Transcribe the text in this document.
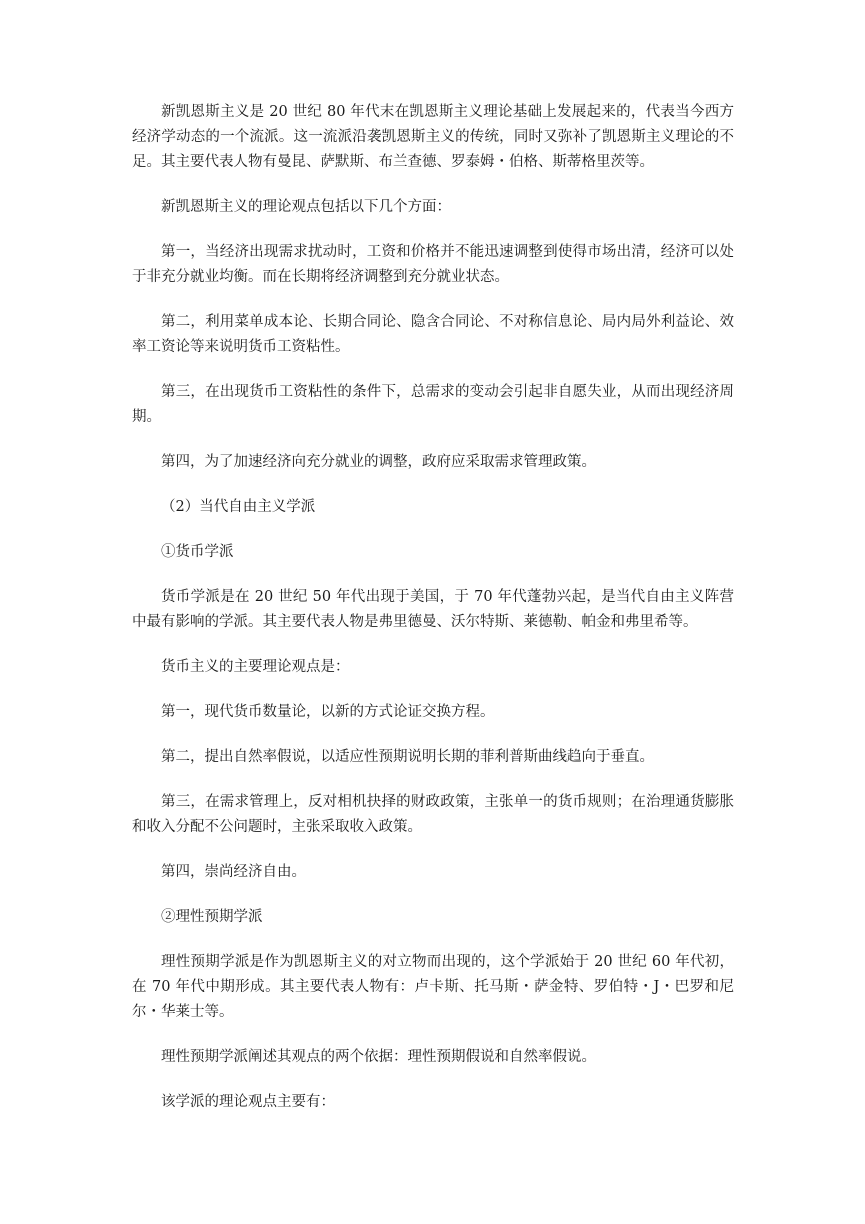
新凯恩斯主义是 20 世纪 80 年代末在凯恩斯主义理论基础上发展起来的，代表当今西方经济学动态的一个流派。这一流派沿袭凯恩斯主义的传统，同时又弥补了凯恩斯主义理论的不足。其主要代表人物有曼昆、萨默斯、布兰查德、罗泰姆・伯格、斯蒂格里茨等。

新凯恩斯主义的理论观点包括以下几个方面：

第一，当经济出现需求扰动时，工资和价格并不能迅速调整到使得市场出清，经济可以处于非充分就业均衡。而在长期将经济调整到充分就业状态。

第二，利用菜单成本论、长期合同论、隐含合同论、不对称信息论、局内局外利益论、效率工资论等来说明货币工资粘性。

第三，在出现货币工资粘性的条件下，总需求的变动会引起非自愿失业，从而出现经济周期。

第四，为了加速经济向充分就业的调整，政府应采取需求管理政策。

（2）当代自由主义学派

①货币学派

货币学派是在 20 世纪 50 年代出现于美国，于 70 年代蓬勃兴起，是当代自由主义阵营中最有影响的学派。其主要代表人物是弗里德曼、沃尔特斯、莱德勒、帕金和弗里希等。

货币主义的主要理论观点是：

第一，现代货币数量论，以新的方式论证交换方程。

第二，提出自然率假说，以适应性预期说明长期的菲利普斯曲线趋向于垂直。

第三，在需求管理上，反对相机抉择的财政政策，主张单一的货币规则；在治理通货膨胀和收入分配不公问题时，主张采取收入政策。

第四，崇尚经济自由。

②理性预期学派

理性预期学派是作为凯恩斯主义的对立物而出现的，这个学派始于 20 世纪 60 年代初，在 70 年代中期形成。其主要代表人物有：卢卡斯、托马斯・萨金特、罗伯特・J・巴罗和尼尔・华莱士等。

理性预期学派阐述其观点的两个依据：理性预期假说和自然率假说。

该学派的理论观点主要有：
